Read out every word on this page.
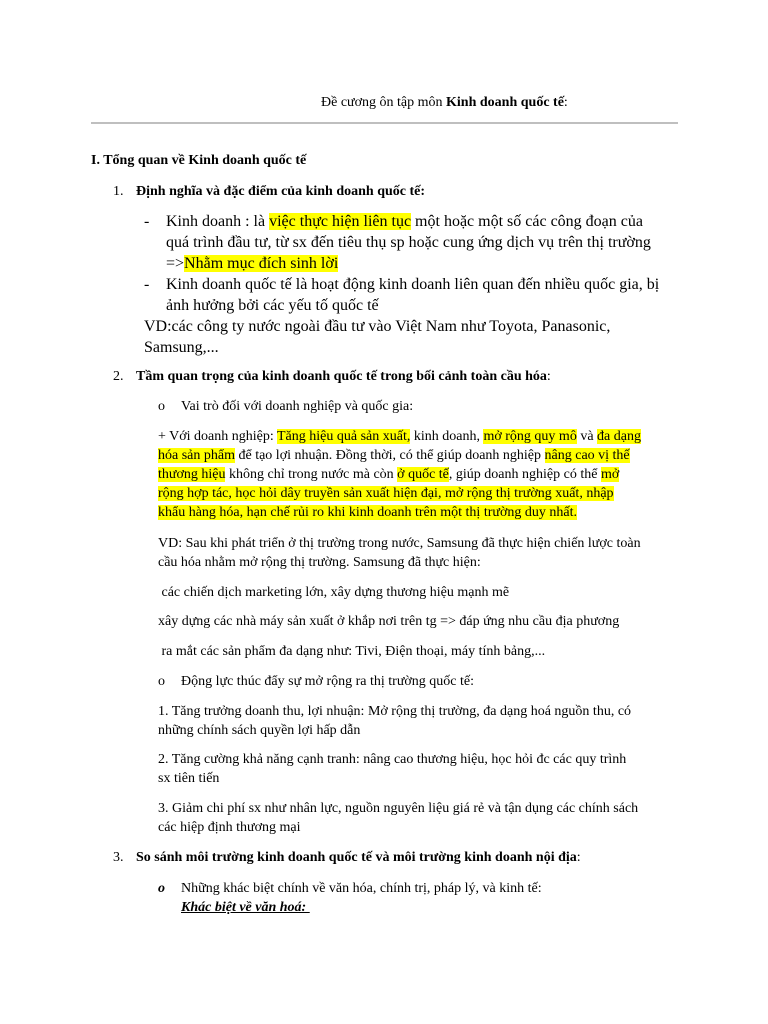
Đề cương ôn tập môn Kinh doanh quốc tế:
I. Tổng quan về Kinh doanh quốc tế
1. Định nghĩa và đặc điểm của kinh doanh quốc tế:
- Kinh doanh : là việc thực hiện liên tục một hoặc một số các công đoạn của
quá trình đầu tư, từ sx đến tiêu thụ sp hoặc cung ứng dịch vụ trên thị trường
=>Nhằm mục đích sinh lời
- Kinh doanh quốc tế là hoạt động kinh doanh liên quan đến nhiều quốc gia, bị
ảnh hưởng bởi các yếu tố quốc tế
VD:các công ty nước ngoài đầu tư vào Việt Nam như Toyota, Panasonic,
Samsung,...
2. Tầm quan trọng của kinh doanh quốc tế trong bối cảnh toàn cầu hóa:
o Vai trò đối với doanh nghiệp và quốc gia:
+ Với doanh nghiệp: Tăng hiệu quả sản xuất, kinh doanh, mở rộng quy mô và đa dạng
hóa sản phẩm để tạo lợi nhuận. Đồng thời, có thể giúp doanh nghiệp nâng cao vị thế
thương hiệu không chỉ trong nước mà còn ở quốc tế, giúp doanh nghiệp có thể mở
rộng hợp tác, học hỏi dây truyền sản xuất hiện đại, mở rộng thị trường xuất, nhập
khẩu hàng hóa, hạn chế rủi ro khi kinh doanh trên một thị trường duy nhất.
VD: Sau khi phát triển ở thị trường trong nước, Samsung đã thực hiện chiến lược toàn
cầu hóa nhằm mở rộng thị trường. Samsung đã thực hiện:
các chiến dịch marketing lớn, xây dựng thương hiệu mạnh mẽ
xây dựng các nhà máy sản xuất ở khắp nơi trên tg => đáp ứng nhu cầu địa phương
ra mắt các sản phẩm đa dạng như: Tivi, Điện thoại, máy tính bảng,...
o Động lực thúc đẩy sự mở rộng ra thị trường quốc tế:
1. Tăng trưởng doanh thu, lợi nhuận: Mở rộng thị trường, đa dạng hoá nguồn thu, có
những chính sách quyền lợi hấp dẫn
2. Tăng cường khả năng cạnh tranh: nâng cao thương hiệu, học hỏi đc các quy trình
sx tiên tiến
3. Giảm chi phí sx như nhân lực, nguồn nguyên liệu giá rẻ và tận dụng các chính sách
các hiệp định thương mại
3. So sánh môi trường kinh doanh quốc tế và môi trường kinh doanh nội địa:
o Những khác biệt chính về văn hóa, chính trị, pháp lý, và kinh tế:
Khác biệt về văn hoá:
